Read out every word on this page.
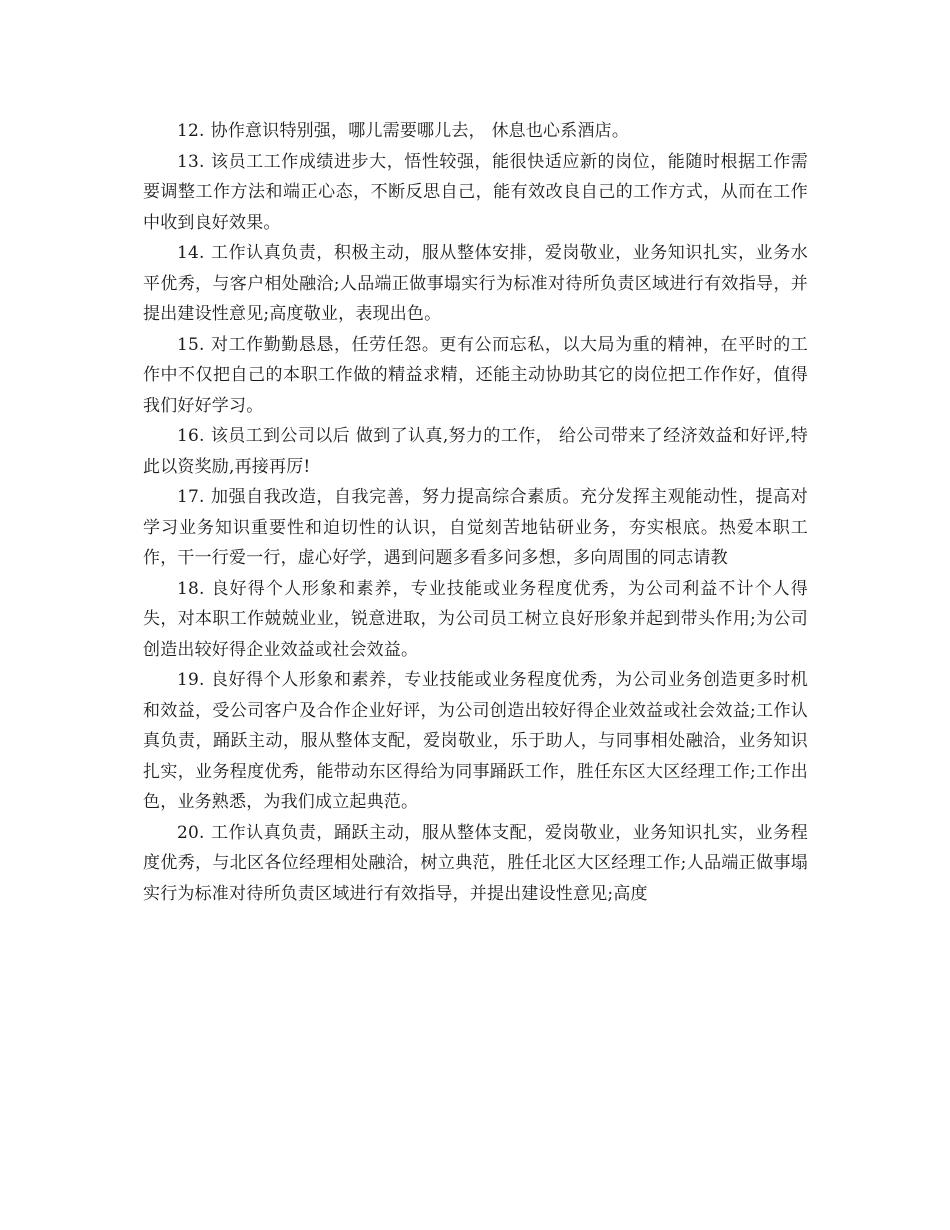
12. 协作意识特别强，哪儿需要哪儿去， 休息也心系酒店。

13. 该员工工作成绩进步大，悟性较强，能很快适应新的岗位，能随时根据工作需要调整工作方法和端正心态，不断反思自己，能有效改良自己的工作方式，从而在工作中收到良好效果。

14. 工作认真负责，积极主动，服从整体安排，爱岗敬业，业务知识扎实，业务水平优秀，与客户相处融洽;人品端正做事塌实行为标准对待所负责区域进行有效指导，并提出建设性意见;高度敬业，表现出色。

15. 对工作勤勤恳恳，任劳任怨。更有公而忘私，以大局为重的精神，在平时的工作中不仅把自己的本职工作做的精益求精，还能主动协助其它的岗位把工作作好，值得我们好好学习。

16. 该员工到公司以后 做到了认真,努力的工作， 给公司带来了经济效益和好评,特此以资奖励,再接再厉!

17. 加强自我改造，自我完善，努力提高综合素质。充分发挥主观能动性，提高对学习业务知识重要性和迫切性的认识，自觉刻苦地钻研业务，夯实根底。热爱本职工作，干一行爱一行，虚心好学，遇到问题多看多问多想，多向周围的同志请教

18. 良好得个人形象和素养，专业技能或业务程度优秀，为公司利益不计个人得失，对本职工作兢兢业业，锐意进取，为公司员工树立良好形象并起到带头作用;为公司创造出较好得企业效益或社会效益。

19. 良好得个人形象和素养，专业技能或业务程度优秀，为公司业务创造更多时机和效益，受公司客户及合作企业好评，为公司创造出较好得企业效益或社会效益;工作认真负责，踊跃主动，服从整体支配，爱岗敬业，乐于助人，与同事相处融洽，业务知识扎实，业务程度优秀，能带动东区得给为同事踊跃工作，胜任东区大区经理工作;工作出色，业务熟悉，为我们成立起典范。

20. 工作认真负责，踊跃主动，服从整体支配，爱岗敬业，业务知识扎实，业务程度优秀，与北区各位经理相处融洽，树立典范，胜任北区大区经理工作;人品端正做事塌实行为标准对待所负责区域进行有效指导，并提出建设性意见;高度
